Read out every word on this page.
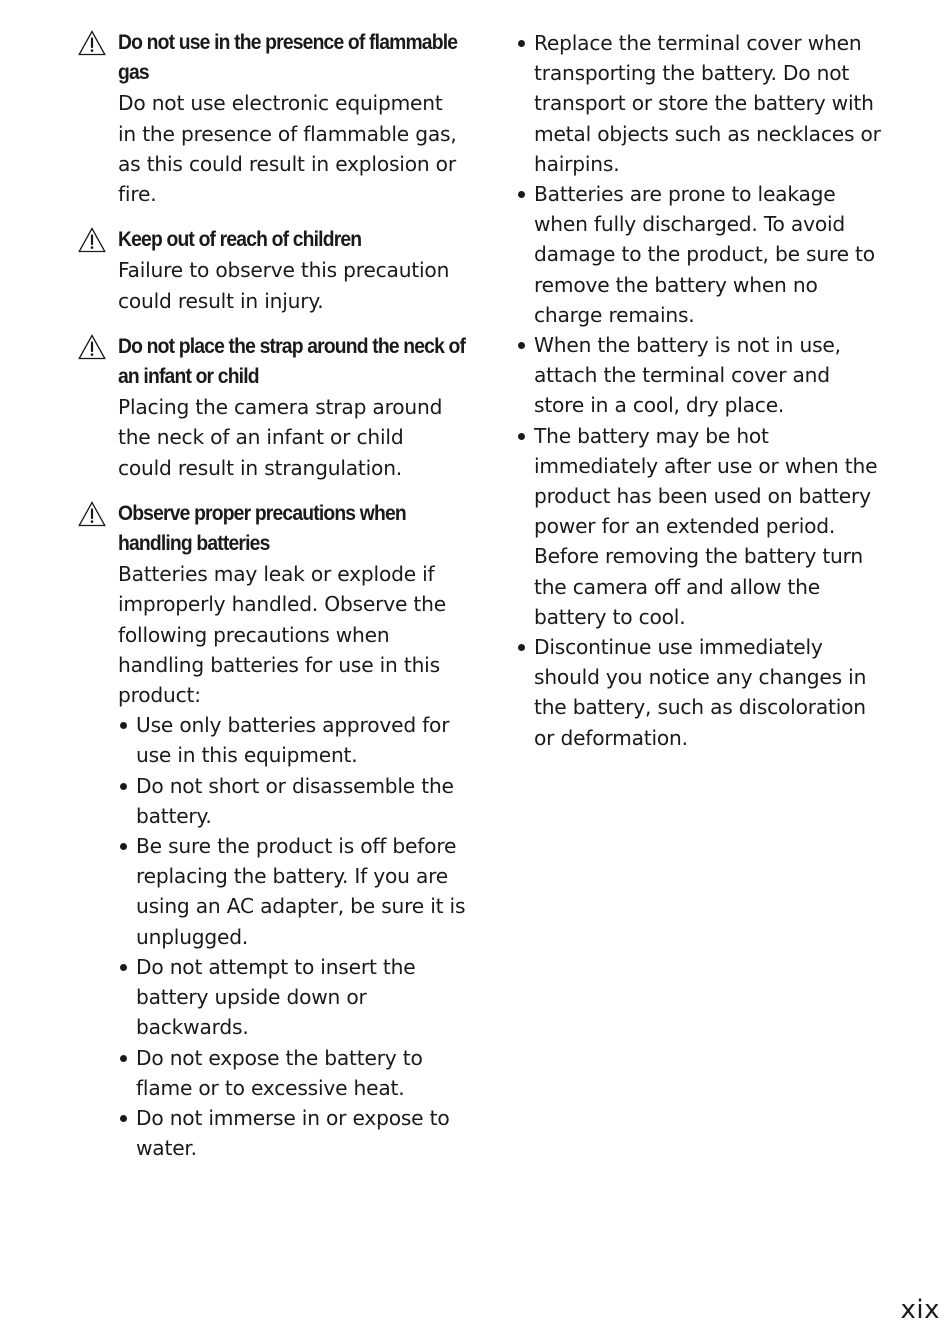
Do not use in the presence of flammable
gas
Do not use electronic equipment
in the presence of flammable gas,
as this could result in explosion or
fire.
Keep out of reach of children
Failure to observe this precaution
could result in injury.
Do not place the strap around the neck of
an infant or child
Placing the camera strap around
the neck of an infant or child
could result in strangulation.
Observe proper precautions when
handling batteries
Batteries may leak or explode if
improperly handled. Observe the
following precautions when
handling batteries for use in this
product:
Use only batteries approved for
use in this equipment.
Do not short or disassemble the
battery.
Be sure the product is off before
replacing the battery. If you are
using an AC adapter, be sure it is
unplugged.
Do not attempt to insert the
battery upside down or
backwards.
Do not expose the battery to
flame or to excessive heat.
Do not immerse in or expose to
water.
Replace the terminal cover when
transporting the battery. Do not
transport or store the battery with
metal objects such as necklaces or
hairpins.
Batteries are prone to leakage
when fully discharged. To avoid
damage to the product, be sure to
remove the battery when no
charge remains.
When the battery is not in use,
attach the terminal cover and
store in a cool, dry place.
The battery may be hot
immediately after use or when the
product has been used on battery
power for an extended period.
Before removing the battery turn
the camera off and allow the
battery to cool.
Discontinue use immediately
should you notice any changes in
the battery, such as discoloration
or deformation.
xix
